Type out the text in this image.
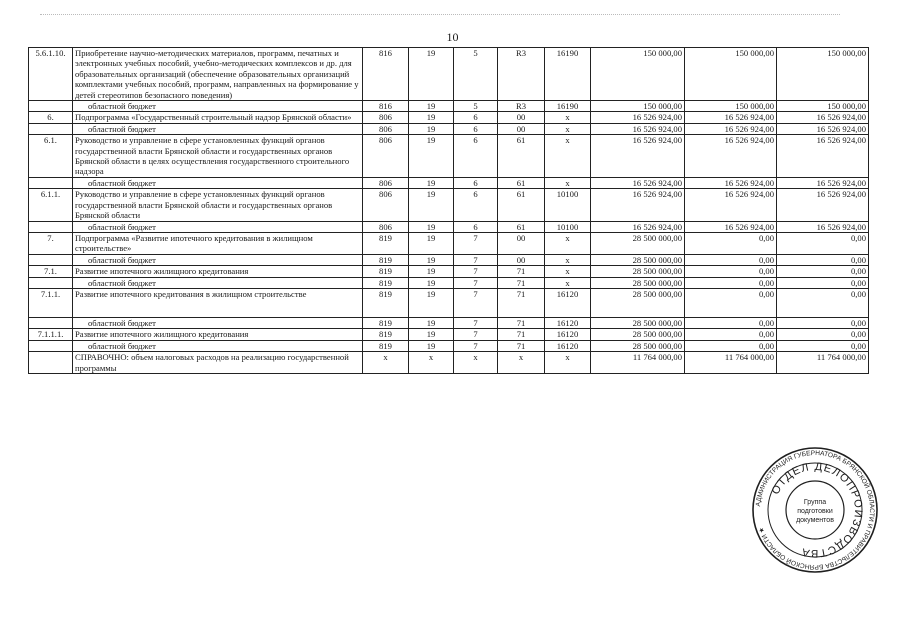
10
5.6.1.10.	Приобретение научно-методических материалов, программ, печатных и электронных учебных пособий, учебно-методических комплексов и др. для образовательных организаций (обеспечение образовательных организаций комплектами учебных пособий, программ, направленных на формирование у детей стереотипов безопасного поведения)	816	19	5	R3	16190	150 000,00	150 000,00	150 000,00
	областной бюджет	816	19	5	R3	16190	150 000,00	150 000,00	150 000,00
6.	Подпрограмма «Государственный строительный надзор Брянской области»	806	19	6	00	x	16 526 924,00	16 526 924,00	16 526 924,00
	областной бюджет	806	19	6	00	x	16 526 924,00	16 526 924,00	16 526 924,00
6.1.	Руководство и управление в сфере установленных функций органов государственной власти Брянской области и государственных органов Брянской области в целях осуществления государственного строительного надзора	806	19	6	61	x	16 526 924,00	16 526 924,00	16 526 924,00
	областной бюджет	806	19	6	61	x	16 526 924,00	16 526 924,00	16 526 924,00
6.1.1.	Руководство и управление в сфере установленных функций органов государственной власти Брянской области и государственных органов Брянской области	806	19	6	61	10100	16 526 924,00	16 526 924,00	16 526 924,00
	областной бюджет	806	19	6	61	10100	16 526 924,00	16 526 924,00	16 526 924,00
7.	Подпрограмма «Развитие ипотечного кредитования в жилищном строительстве»	819	19	7	00	x	28 500 000,00	0,00	0,00
	областной бюджет	819	19	7	00	x	28 500 000,00	0,00	0,00
7.1.	Развитие ипотечного жилищного кредитования	819	19	7	71	x	28 500 000,00	0,00	0,00
	областной бюджет	819	19	7	71	x	28 500 000,00	0,00	0,00
7.1.1.	Развитие ипотечного кредитования в жилищном строительстве	819	19	7	71	16120	28 500 000,00	0,00	0,00
	областной бюджет	819	19	7	71	16120	28 500 000,00	0,00	0,00
7.1.1.1.	Развитие ипотечного жилищного кредитования	819	19	7	71	16120	28 500 000,00	0,00	0,00
	областной бюджет	819	19	7	71	16120	28 500 000,00	0,00	0,00
	СПРАВОЧНО: объем налоговых расходов на реализацию государственной программы	x	x	x	x	x	11 764 000,00	11 764 000,00	11 764 000,00
АДМИНИСТРАЦИЯ ГУБЕРНАТОРА БРЯНСКОЙ ОБЛАСТИ И ПРАВИТЕЛЬСТВА БРЯНСКОЙ ОБЛАСТИ ★
ОТДЕЛ ДЕЛОПРОИЗВОДСТВА
Группа
подготовки
документов
